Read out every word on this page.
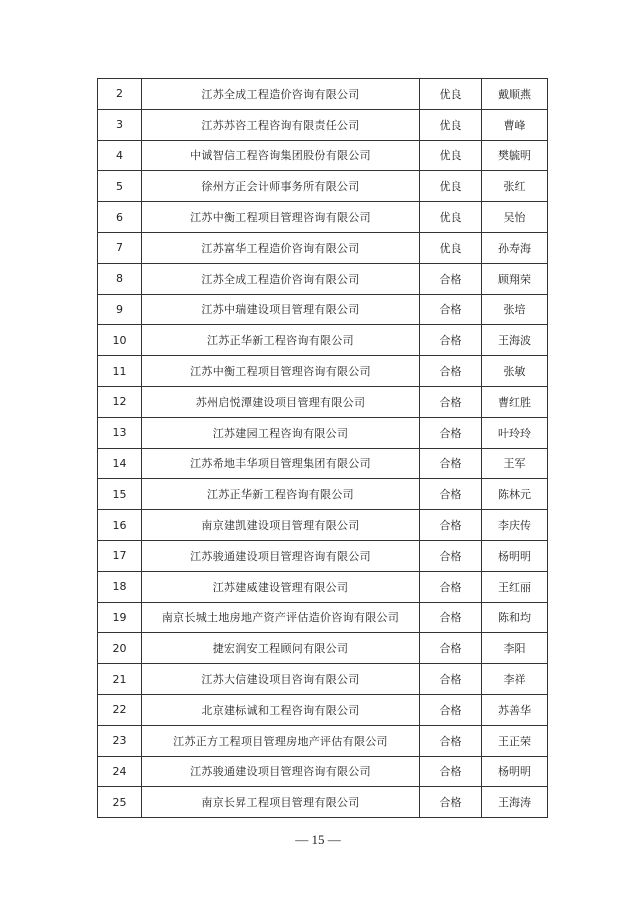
2	江苏全成工程造价咨询有限公司	优良	戴顺燕
3	江苏苏咨工程咨询有限责任公司	优良	曹峰
4	中诚智信工程咨询集团股份有限公司	优良	樊毓明
5	徐州方正会计师事务所有限公司	优良	张红
6	江苏中衡工程项目管理咨询有限公司	优良	吴怡
7	江苏富华工程造价咨询有限公司	优良	孙寿海
8	江苏全成工程造价咨询有限公司	合格	顾翔荣
9	江苏中瑞建设项目管理有限公司	合格	张培
10	江苏正华新工程咨询有限公司	合格	王海波
11	江苏中衡工程项目管理咨询有限公司	合格	张敏
12	苏州启悦潭建设项目管理有限公司	合格	曹红胜
13	江苏建园工程咨询有限公司	合格	叶玲玲
14	江苏希地丰华项目管理集团有限公司	合格	王军
15	江苏正华新工程咨询有限公司	合格	陈林元
16	南京建凯建设项目管理有限公司	合格	李庆传
17	江苏骏通建设项目管理咨询有限公司	合格	杨明明
18	江苏建威建设管理有限公司	合格	王红丽
19	南京长城土地房地产资产评估造价咨询有限公司	合格	陈和均
20	捷宏润安工程顾问有限公司	合格	李阳
21	江苏大信建设项目咨询有限公司	合格	李祥
22	北京建标诚和工程咨询有限公司	合格	苏善华
23	江苏正方工程项目管理房地产评估有限公司	合格	王正荣
24	江苏骏通建设项目管理咨询有限公司	合格	杨明明
25	南京长昇工程项目管理有限公司	合格	王海涛
— 15 —
